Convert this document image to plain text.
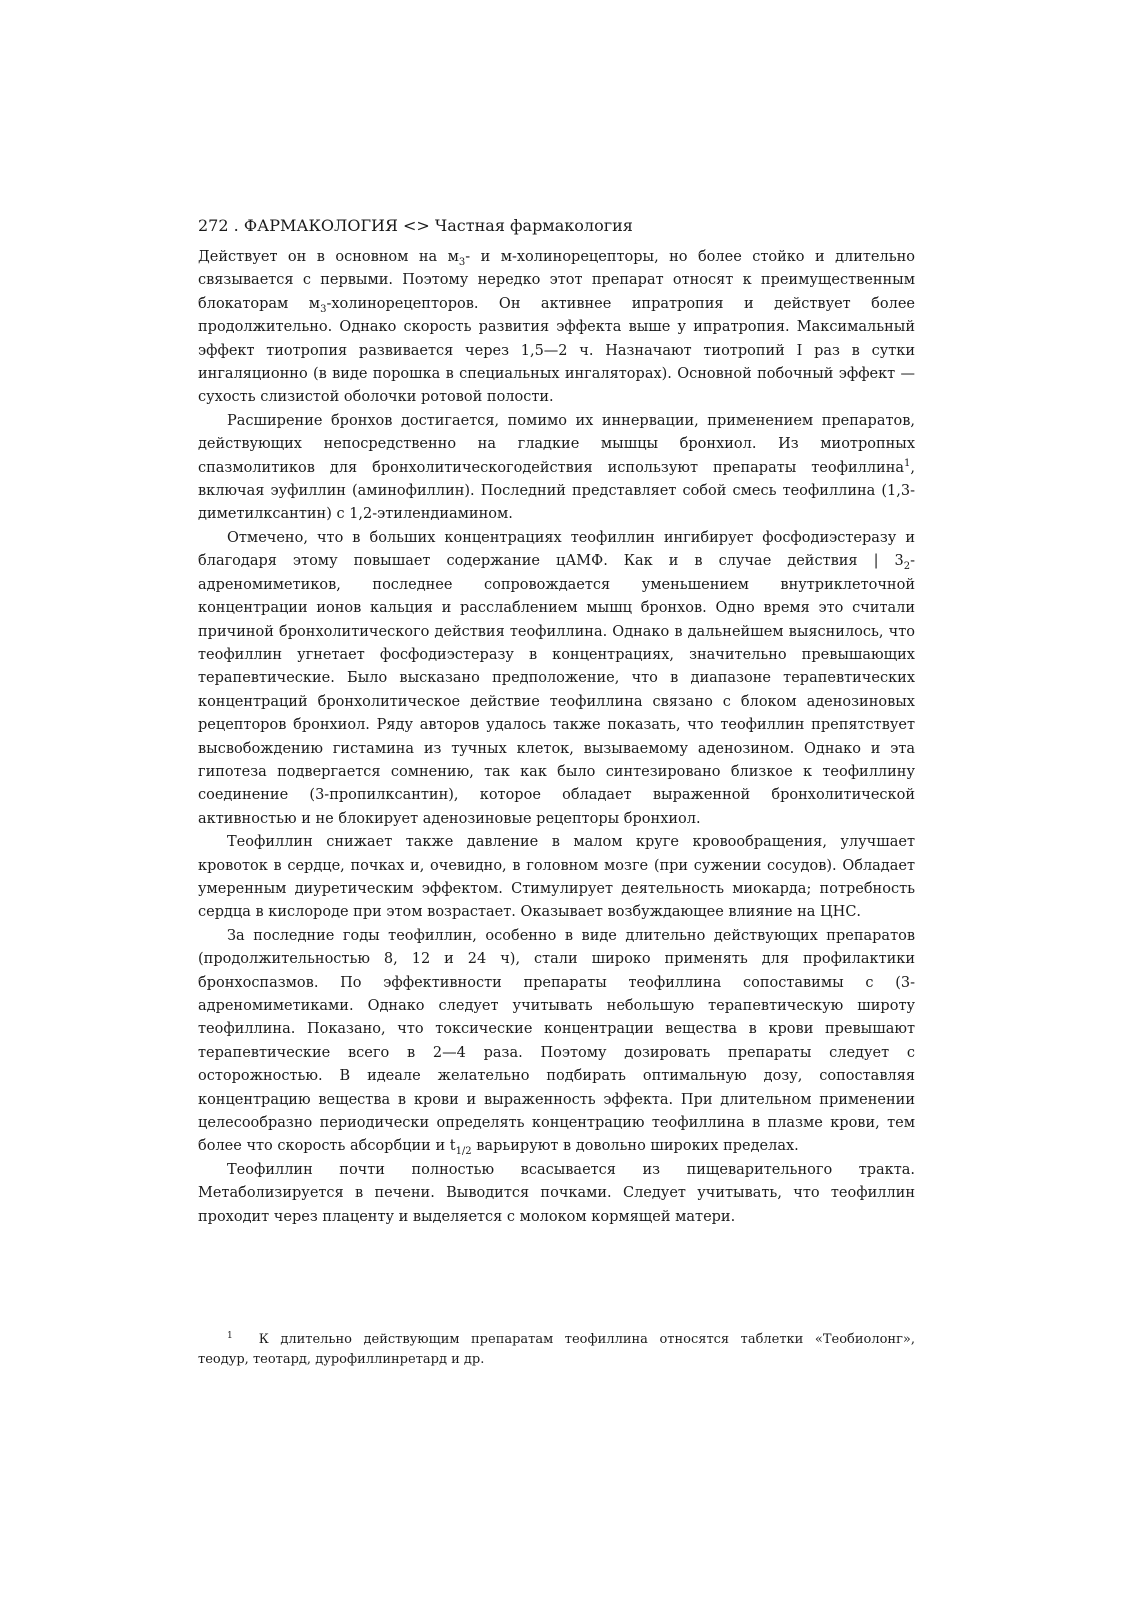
272 . ФАРМАКОЛОГИЯ <> Частная фармакология

Действует он в основном на $м_3-$ и м-холинорецепторы, но более стойко и длительно связывается с первыми. Поэтому нередко этот препарат относят к преимущественным блокаторам $м_3$-холинорецепторов. Он активнее ипратропия и действует более продолжительно. Однако скорость развития эффекта выше у ипратропия. Максимальный эффект тиотропия развивается через 1,5—2 ч. Назначают тиотропий I раз в сутки ингаляционно (в виде порошка в специальных ингаляторах). Основной побочный эффект — сухость слизистой оболочки ротовой полости.

Расширение бронхов достигается, помимо их иннервации, применением препаратов, действующих непосредственно на гладкие мышцы бронхиол. Из миотропных спазмолитиков для бронхолитическогодействия используют препараты теофиллина$^1$, включая эуфиллин (аминофиллин). Последний представляет собой смесь теофиллина (1,3-диметилксантин) с 1,2-этилендиамином.

Отмечено, что в больших концентрациях теофиллин ингибирует фосфодиэстеразу и благодаря этому повышает содержание цАМФ. Как и в случае действия | $3_2$-адреномиметиков, последнее сопровождается уменьшением внутриклеточной концентрации ионов кальция и расслаблением мышц бронхов. Одно время это считали причиной бронхолитического действия теофиллина. Однако в дальнейшем выяснилось, что теофиллин угнетает фосфодиэстеразу в концентрациях, значительно превышающих терапевтические. Было высказано предположение, что в диапазоне терапевтических концентраций бронхолитическое действие теофиллина связано с блоком аденозиновых рецепторов бронхиол. Ряду авторов удалось также показать, что теофиллин препятствует высвобождению гистамина из тучных клеток, вызываемому аденозином. Однако и эта гипотеза подвергается сомнению, так как было синтезировано близкое к теофиллину соединение (3-пропилксантин), которое обладает выраженной бронхолитической активностью и не блокирует аденозиновые рецепторы бронхиол.

Теофиллин снижает также давление в малом круге кровообращения, улучшает кровоток в сердце, почках и, очевидно, в головном мозге (при сужении сосудов). Обладает умеренным диуретическим эффектом. Стимулирует деятельность миокарда; потребность сердца в кислороде при этом возрастает. Оказывает возбуждающее влияние на ЦНС.

За последние годы теофиллин, особенно в виде длительно действующих препаратов (продолжительностью 8, 12 и 24 ч), стали широко применять для профилактики бронхоспазмов. По эффективности препараты теофиллина сопоставимы с (3-адреномиметиками. Однако следует учитывать небольшую терапевтическую широту теофиллина. Показано, что токсические концентрации вещества в крови превышают терапевтические всего в 2—4 раза. Поэтому дозировать препараты следует с осторожностью. В идеале желательно подбирать оптимальную дозу, сопоставляя концентрацию вещества в крови и выраженность эффекта. При длительном применении целесообразно периодически определять концентрацию теофиллина в плазме крови, тем более что скорость абсорбции и $t_{1/2}$ варьируют в довольно широких пределах.

Теофиллин почти полностью всасывается из пищеварительного тракта. Метаболизируется в печени. Выводится почками. Следует учитывать, что теофиллин проходит через плаценту и выделяется с молоком кормящей матери.

$^1$ К длительно действующим препаратам теофиллина относятся таблетки «Теобиолонг», теодур, теотард, дурофиллинретард и др.
